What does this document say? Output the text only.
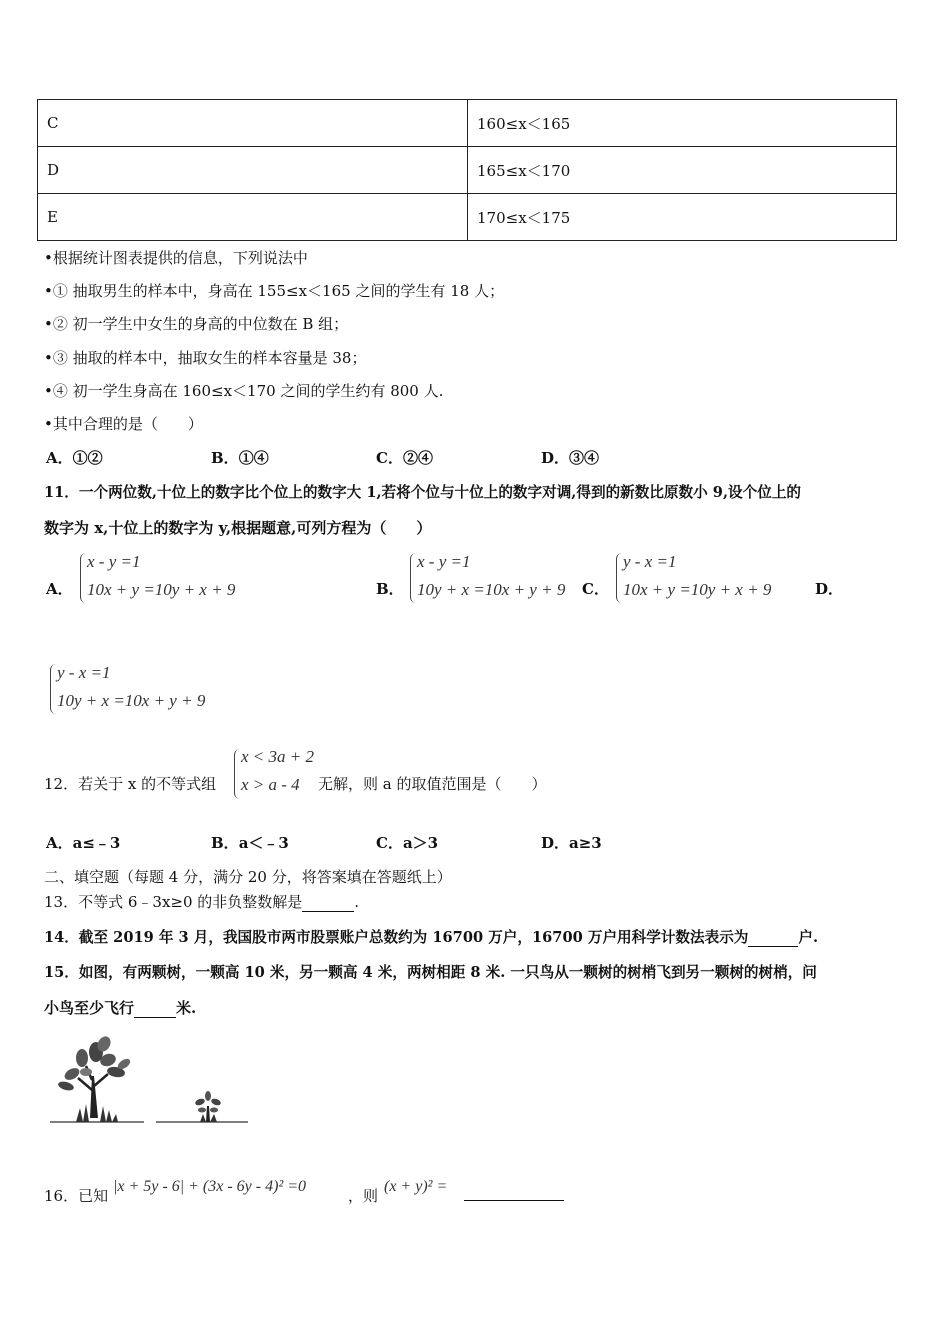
C	160≤x＜165
D	165≤x＜170
E	170≤x＜175
•根据统计图表提供的信息，下列说法中
•① 抽取男生的样本中，身高在 155≤x＜165 之间的学生有 18 人；
•② 初一学生中女生的身高的中位数在 B 组；
•③ 抽取的样本中，抽取女生的样本容量是 38；
•④ 初一学生身高在 160≤x＜170 之间的学生约有 800 人.
•其中合理的是（　　）
A．①②	B．①④	C．②④	D．③④
11．一个两位数,十位上的数字比个位上的数字大 1,若将个位与十位上的数字对调,得到的新数比原数小 9,设个位上的
数字为 x,十位上的数字为 y,根据题意,可列方程为（　　）
A．
x - y =1
10x + y =10y + x + 9	B．
x - y =1
10y + x =10x + y + 9 C．
y - x =1
10x + y =10y + x + 9	D．
y - x =1
10y + x =10x + y + 9
12．若关于 x 的不等式组
x < 3a + 2
x > a - 4 无解，则 a 的取值范围是（　　）
A．a≤﹣3	B．a＜﹣3	C．a＞3	D．a≥3
二、填空题（每题 4 分，满分 20 分，将答案填在答题纸上）
13．不等式 6﹣3x≥0 的非负整数解是	.
14．截至 2019 年 3 月，我国股市两市股票账户总数约为 16700 万户，16700 万户用科学计数法表示为	户.
15．如图，有两颗树，一颗高 10 米，另一颗高 4 米，两树相距 8 米. 一只鸟从一颗树的树梢飞到另一颗树的树梢，问
小鸟至少飞行	米.
16．已知
|x + 5y - 6| + (3x - 6y - 4)² =0
，则
(x + y)² =
